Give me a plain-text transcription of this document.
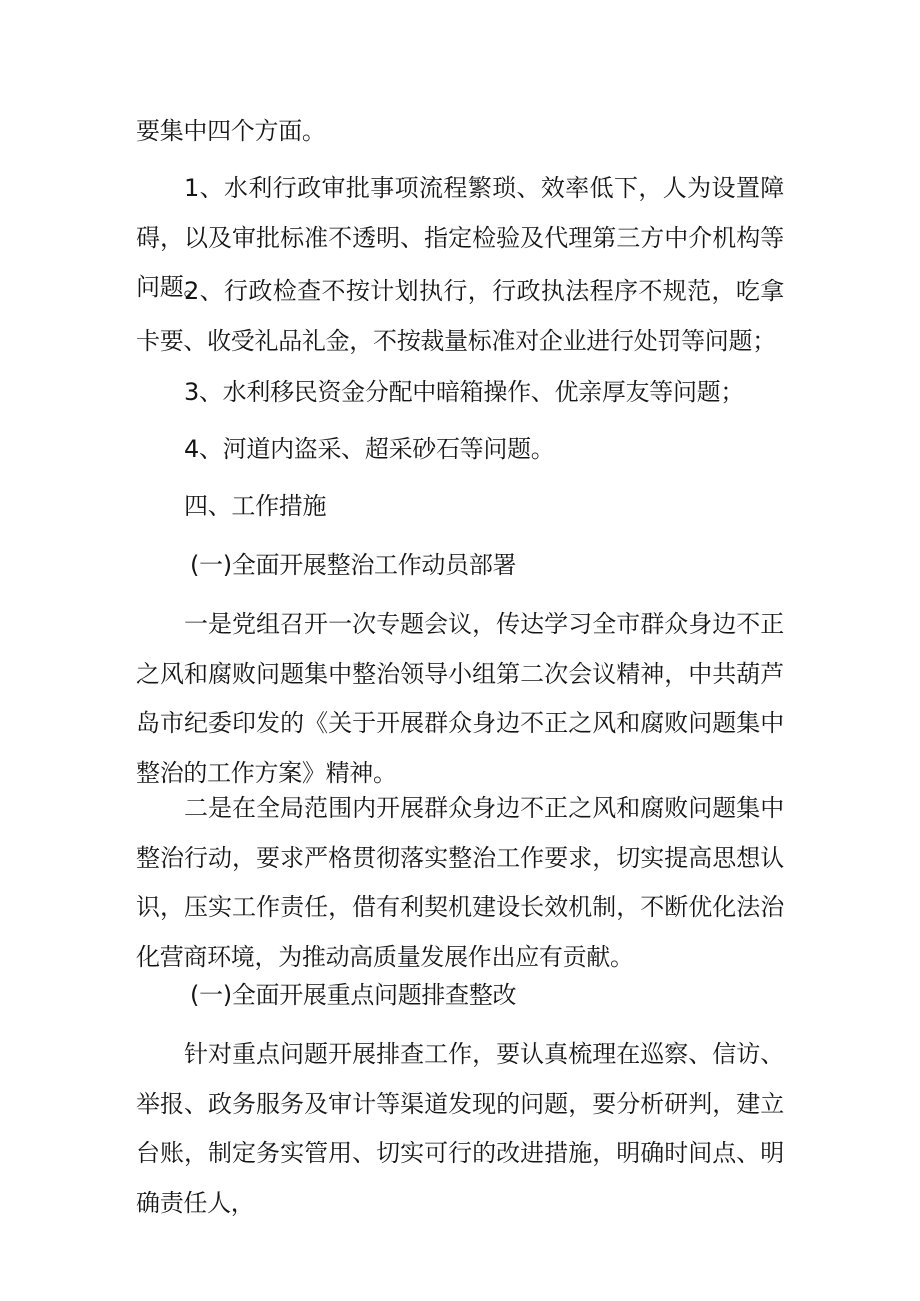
要集中四个方面。

1、水利行政审批事项流程繁琐、效率低下，人为设置障碍，以及审批标准不透明、指定检验及代理第三方中介机构等问题。

2、行政检查不按计划执行，行政执法程序不规范，吃拿卡要、收受礼品礼金，不按裁量标准对企业进行处罚等问题；

3、水利移民资金分配中暗箱操作、优亲厚友等问题；

4、河道内盗采、超采砂石等问题。

四、工作措施

(一)全面开展整治工作动员部署

一是党组召开一次专题会议，传达学习全市群众身边不正之风和腐败问题集中整治领导小组第二次会议精神，中共葫芦岛市纪委印发的《关于开展群众身边不正之风和腐败问题集中整治的工作方案》精神。

二是在全局范围内开展群众身边不正之风和腐败问题集中整治行动，要求严格贯彻落实整治工作要求，切实提高思想认识，压实工作责任，借有利契机建设长效机制，不断优化法治化营商环境，为推动高质量发展作出应有贡献。

(一)全面开展重点问题排查整改

针对重点问题开展排查工作，要认真梳理在巡察、信访、举报、政务服务及审计等渠道发现的问题，要分析研判，建立台账，制定务实管用、切实可行的改进措施，明确时间点、明确责任人，
